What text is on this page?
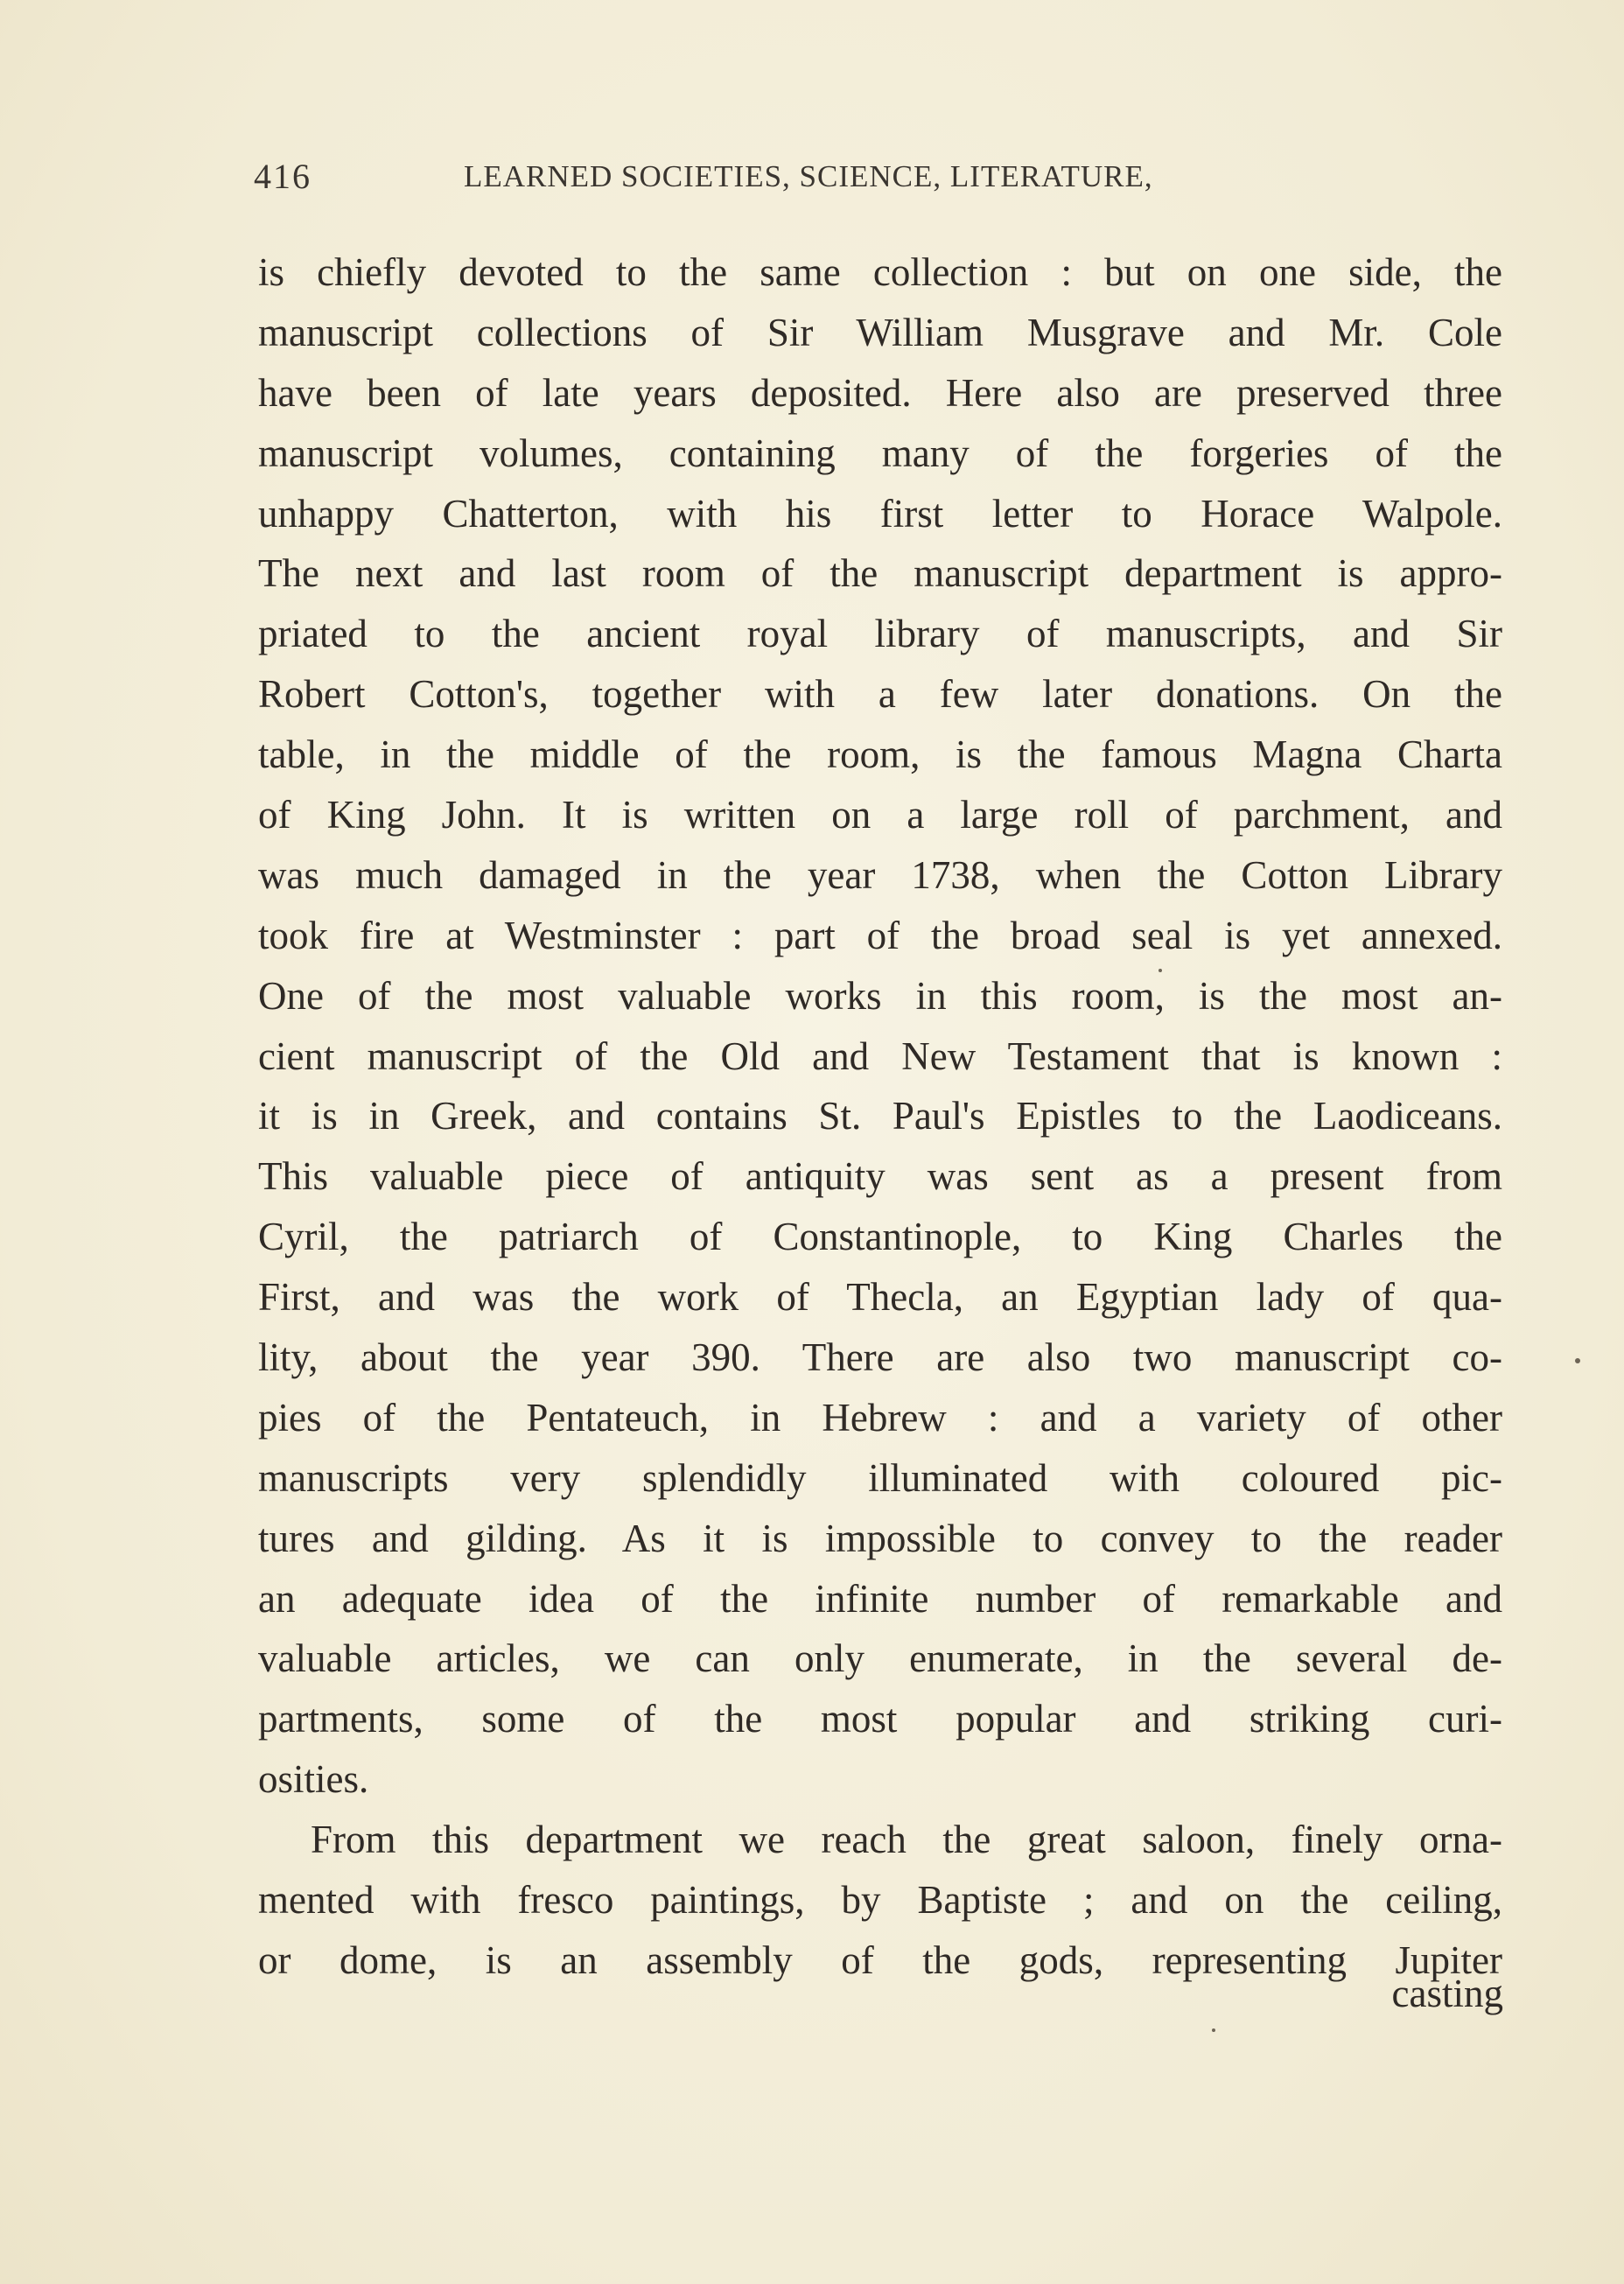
416	LEARNED SOCIETIES, SCIENCE, LITERATURE,
is chiefly devoted to the same collection : but on one side, the
manuscript collections of Sir William Musgrave and Mr. Cole
have been of late years deposited. Here also are preserved three
manuscript volumes, containing many of the forgeries of the
unhappy Chatterton, with his first letter to Horace Walpole.
The next and last room of the manuscript department is appro-
priated to the ancient royal library of manuscripts, and Sir
Robert Cotton's, together with a few later donations. On the
table, in the middle of the room, is the famous Magna Charta
of King John. It is written on a large roll of parchment, and
was much damaged in the year 1738, when the Cotton Library
took fire at Westminster : part of the broad seal is yet annexed.
One of the most valuable works in this room, is the most an-
cient manuscript of the Old and New Testament that is known :
it is in Greek, and contains St. Paul's Epistles to the Laodiceans.
This valuable piece of antiquity was sent as a present from
Cyril, the patriarch of Constantinople, to King Charles the
First, and was the work of Thecla, an Egyptian lady of qua-
lity, about the year 390. There are also two manuscript co-
pies of the Pentateuch, in Hebrew : and a variety of other
manuscripts very splendidly illuminated with coloured pic-
tures and gilding. As it is impossible to convey to the reader
an adequate idea of the infinite number of remarkable and
valuable articles, we can only enumerate, in the several de-
partments, some of the most popular and striking curi-
osities.
From this department we reach the great saloon, finely orna-
mented with fresco paintings, by Baptiste ; and on the ceiling,
or dome, is an assembly of the gods, representing Jupiter
casting
